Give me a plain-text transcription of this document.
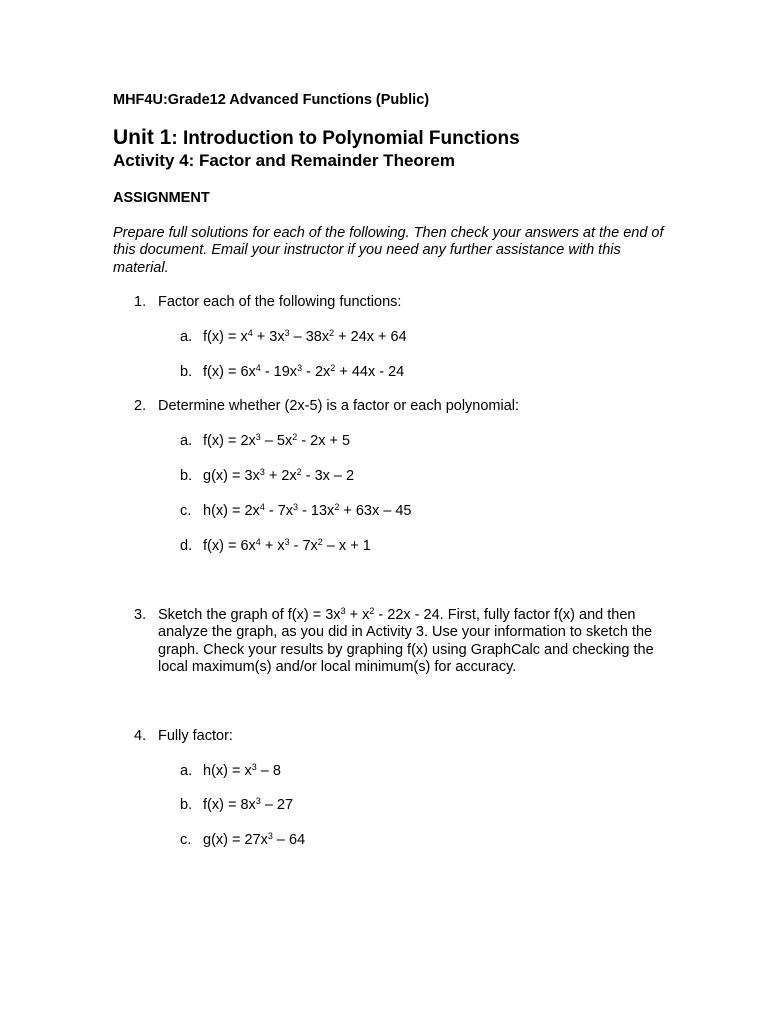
MHF4U:Grade12 Advanced Functions (Public)
Unit 1: Introduction to Polynomial Functions
Activity 4: Factor and Remainder Theorem
ASSIGNMENT
Prepare full solutions for each of the following. Then check your answers at the end of this document. Email your instructor if you need any further assistance with this material.
1. Factor each of the following functions:
a. $f(x) = x^4 + 3x^3 - 38x^2 + 24x + 64$
b. $f(x) = 6x^4 - 19x^3 - 2x^2 + 44x - 24$
2. Determine whether (2x-5) is a factor or each polynomial:
a. $f(x) = 2x^3 - 5x^2 - 2x + 5$
b. $g(x) = 3x^3 + 2x^2 - 3x - 2$
c. $h(x) = 2x^4 - 7x^3 - 13x^2 + 63x - 45$
d. $f(x) = 6x^4 + x^3 - 7x^2 - x + 1$
3. Sketch the graph of $f(x) = 3x^3 + x^2 - 22x - 24$. First, fully factor f(x) and then analyze the graph, as you did in Activity 3. Use your information to sketch the graph. Check your results by graphing f(x) using GraphCalc and checking the local maximum(s) and/or local minimum(s) for accuracy.
4. Fully factor:
a. $h(x) = x^3 - 8$
b. $f(x) = 8x^3 - 27$
c. $g(x) = 27x^3 - 64$
